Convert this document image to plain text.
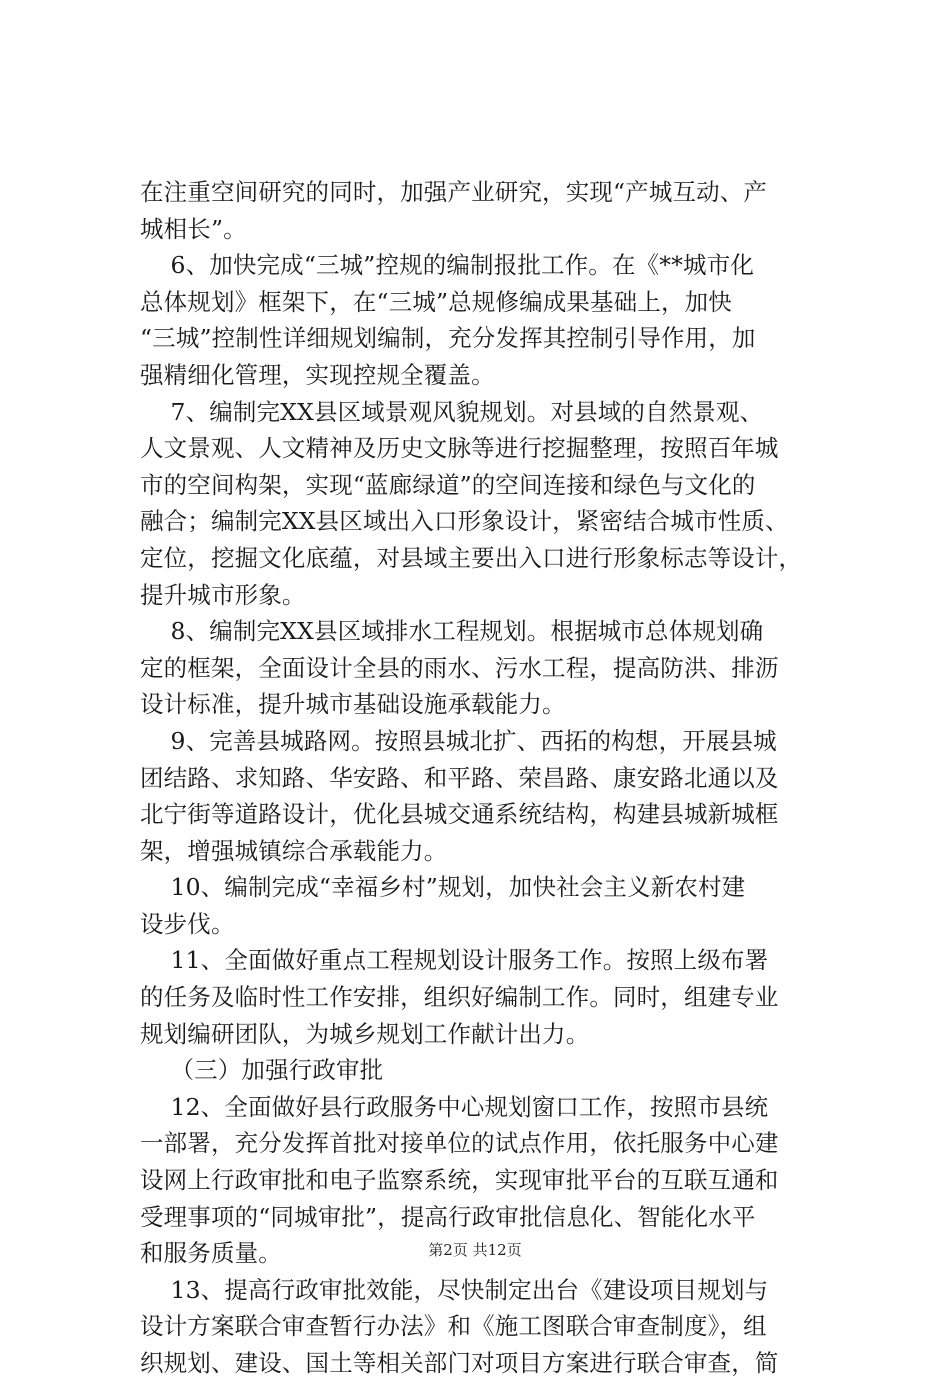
在注重空间研究的同时，加强产业研究，实现“产城互动、产
城相长”。
6、加快完成“三城”控规的编制报批工作。在《**城市化
总体规划》框架下，在“三城”总规修编成果基础上，加快
“三城”控制性详细规划编制，充分发挥其控制引导作用，加
强精细化管理，实现控规全覆盖。
7、编制完XX县区域景观风貌规划。对县域的自然景观、
人文景观、人文精神及历史文脉等进行挖掘整理，按照百年城
市的空间构架，实现“蓝廊绿道”的空间连接和绿色与文化的
融合；编制完XX县区域出入口形象设计，紧密结合城市性质、
定位，挖掘文化底蕴，对县域主要出入口进行形象标志等设计，
提升城市形象。
8、编制完XX县区域排水工程规划。根据城市总体规划确
定的框架，全面设计全县的雨水、污水工程，提高防洪、排沥
设计标准，提升城市基础设施承载能力。
9、完善县城路网。按照县城北扩、西拓的构想，开展县城
团结路、求知路、华安路、和平路、荣昌路、康安路北通以及
北宁街等道路设计，优化县城交通系统结构，构建县城新城框
架，增强城镇综合承载能力。
10、编制完成“幸福乡村”规划，加快社会主义新农村建
设步伐。
11、全面做好重点工程规划设计服务工作。按照上级布署
的任务及临时性工作安排，组织好编制工作。同时，组建专业
规划编研团队，为城乡规划工作献计出力。
（三）加强行政审批
12、全面做好县行政服务中心规划窗口工作，按照市县统
一部署，充分发挥首批对接单位的试点作用，依托服务中心建
设网上行政审批和电子监察系统，实现审批平台的互联互通和
受理事项的“同城审批”，提高行政审批信息化、智能化水平
和服务质量。
13、提高行政审批效能，尽快制定出台《建设项目规划与
设计方案联合审查暂行办法》和《施工图联合审查制度》，组
织规划、建设、国土等相关部门对项目方案进行联合审查，简
第2页 共12页
